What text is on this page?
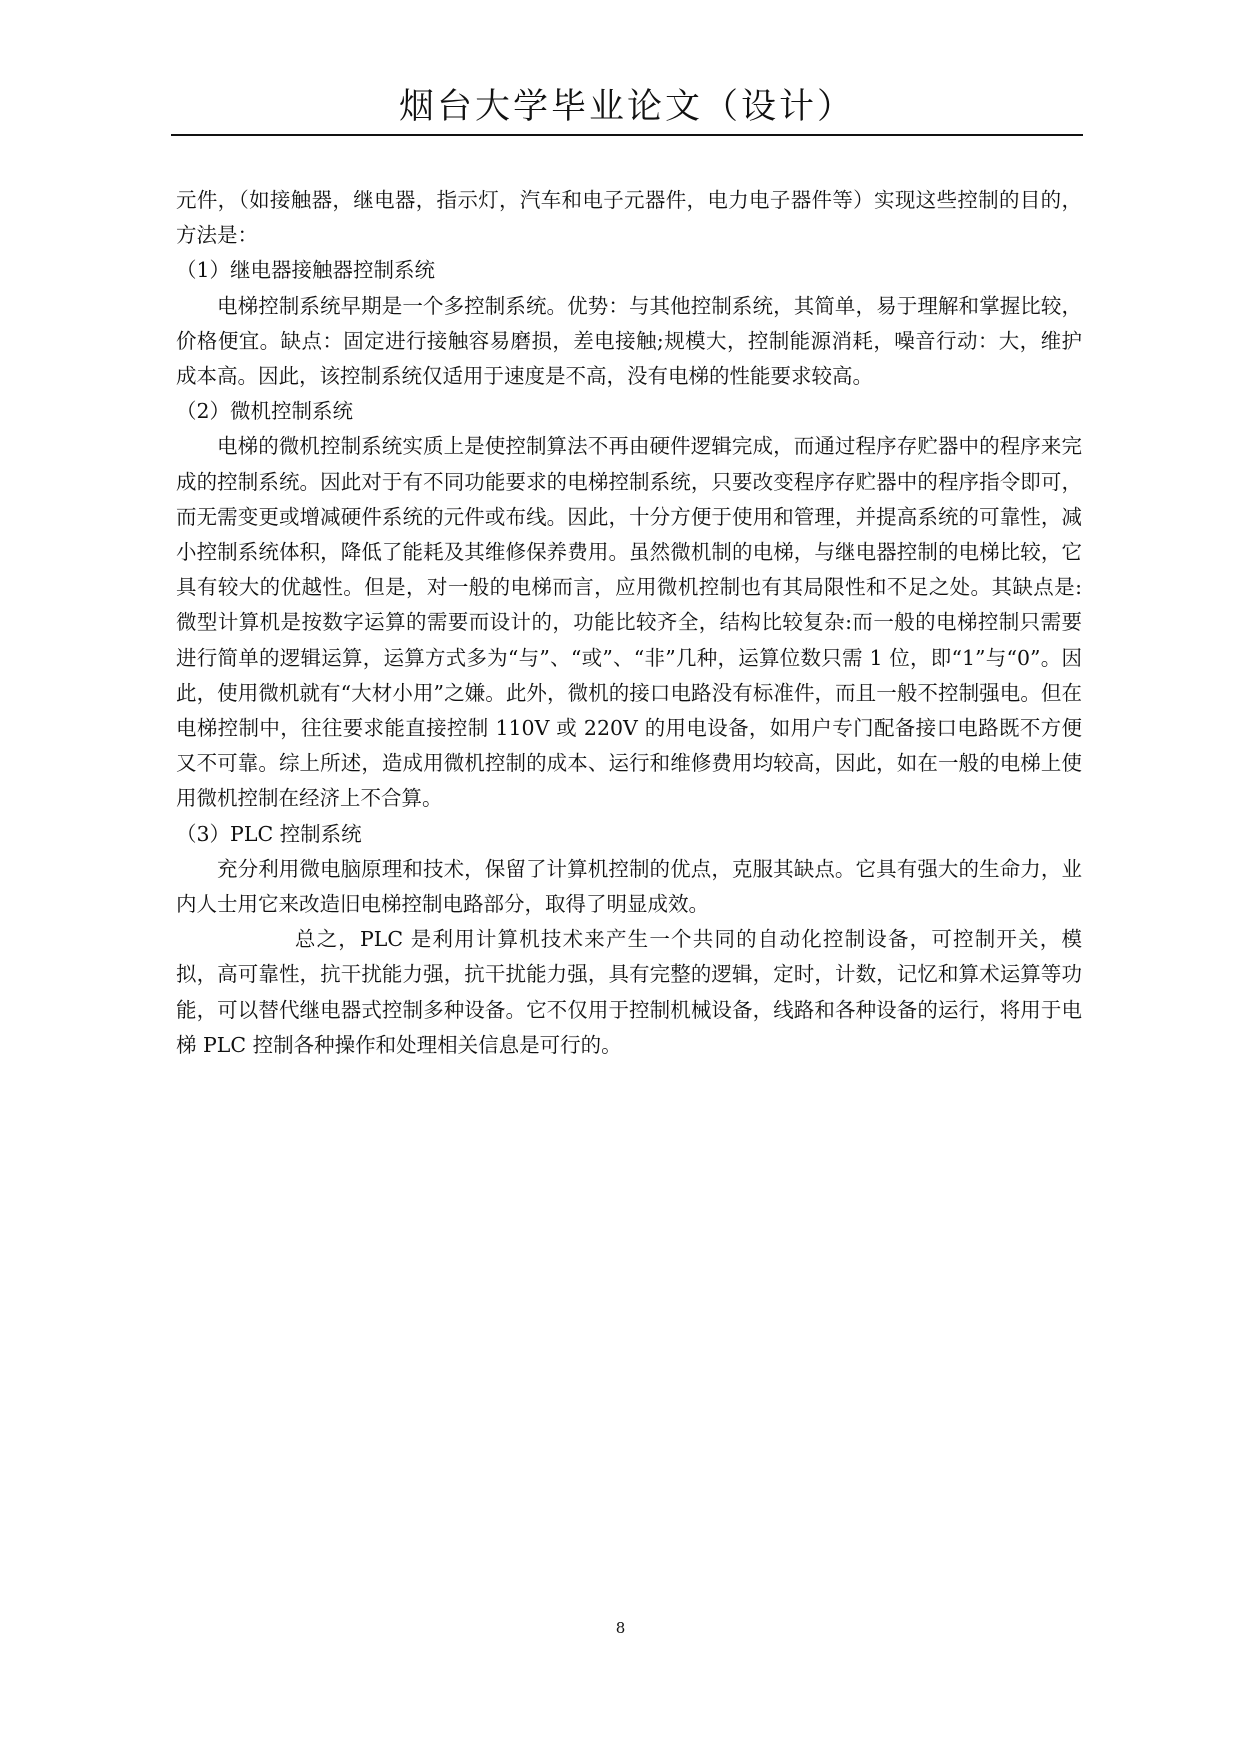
烟台大学毕业论文（设计）

元件，（如接触器，继电器，指示灯，汽车和电子元器件，电力电子器件等）实现这些控制的目的，方法是：

（1）继电器接触器控制系统

电梯控制系统早期是一个多控制系统。优势：与其他控制系统，其简单，易于理解和掌握比较，价格便宜。缺点：固定进行接触容易磨损，差电接触;规模大，控制能源消耗，噪音行动：大，维护成本高。因此，该控制系统仅适用于速度是不高，没有电梯的性能要求较高。

（2）微机控制系统

电梯的微机控制系统实质上是使控制算法不再由硬件逻辑完成，而通过程序存贮器中的程序来完成的控制系统。因此对于有不同功能要求的电梯控制系统，只要改变程序存贮器中的程序指令即可，而无需变更或增减硬件系统的元件或布线。因此，十分方便于使用和管理，并提高系统的可靠性，减小控制系统体积，降低了能耗及其维修保养费用。虽然微机制的电梯，与继电器控制的电梯比较，它具有较大的优越性。但是，对一般的电梯而言，应用微机控制也有其局限性和不足之处。其缺点是:微型计算机是按数字运算的需要而设计的，功能比较齐全，结构比较复杂:而一般的电梯控制只需要进行简单的逻辑运算，运算方式多为“与”、“或”、“非”几种，运算位数只需 1 位，即“1”与“0”。因此，使用微机就有“大材小用”之嫌。此外，微机的接口电路没有标准件，而且一般不控制强电。但在电梯控制中，往往要求能直接控制 110V 或 220V 的用电设备，如用户专门配备接口电路既不方便又不可靠。综上所述，造成用微机控制的成本、运行和维修费用均较高，因此，如在一般的电梯上使用微机控制在经济上不合算。

（3）PLC 控制系统

充分利用微电脑原理和技术，保留了计算机控制的优点，克服其缺点。它具有强大的生命力，业内人士用它来改造旧电梯控制电路部分，取得了明显成效。

总之，PLC 是利用计算机技术来产生一个共同的自动化控制设备，可控制开关，模拟，高可靠性，抗干扰能力强，抗干扰能力强，具有完整的逻辑，定时，计数，记忆和算术运算等功能，可以替代继电器式控制多种设备。它不仅用于控制机械设备，线路和各种设备的运行，将用于电梯 PLC 控制各种操作和处理相关信息是可行的。

8
